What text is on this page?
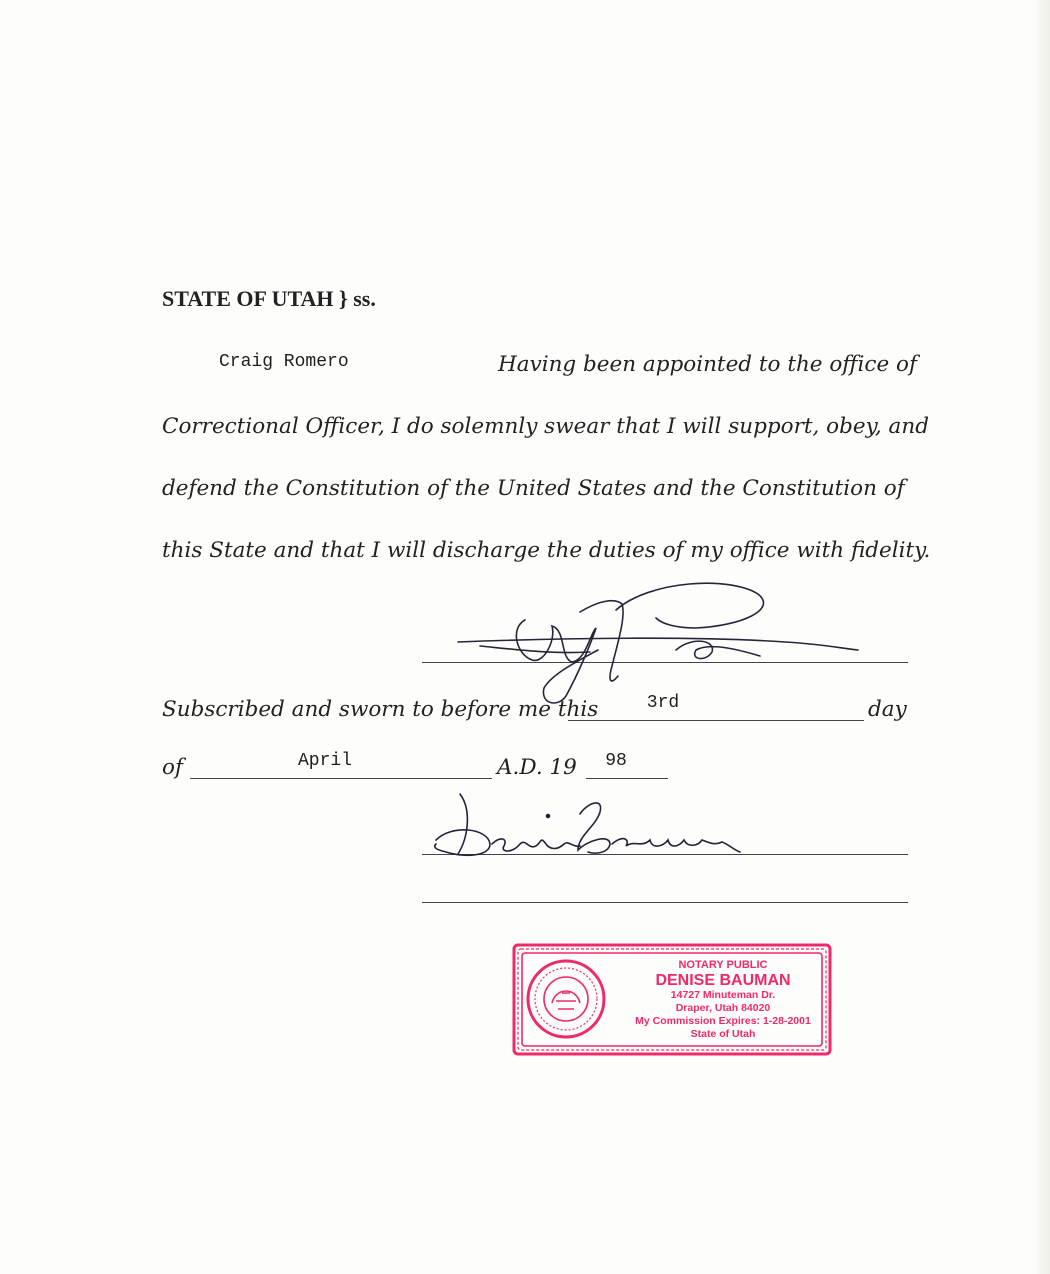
STATE OF UTAH } ss.
Craig Romero	Having been appointed to the office of
Correctional Officer, I do solemnly swear that I will support, obey, and
defend the Constitution of the United States and the Constitution of
this State and that I will discharge the duties of my office with fidelity.
Subscribed and sworn to before me this	3rd	day
of	April	A.D. 19	98
NOTARY PUBLIC
DENISE BAUMAN
14727 Minuteman Dr.
Draper, Utah 84020
My Commission Expires: 1-28-2001
State of Utah
